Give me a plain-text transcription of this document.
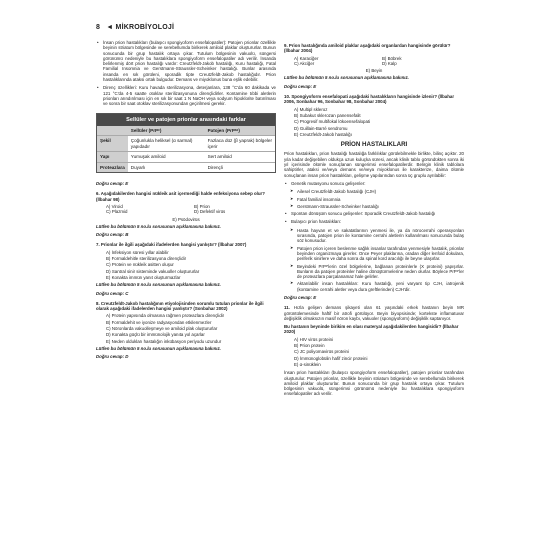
8 ◄ MİKROBİYOLOJİ
• İnsan prion hastalıkları (bulaşıcı spongiyoform ensefalopatiler): Patojen prionlar özellikle beyinin striatum bölgesinde ve serebellumda birikerek amiloid plaklar oluştururlar. Bunun sonucunda bir grup hastalık ortaya çıkar. Tutulum bölgesinin vakuolü, süngersi görünümü nedeniyle bu hastalıklara spongiyoform ensefalopatiler adı verilir. İnsanda belirlenmiş dört prion hastalığı vardır: Creutzfeldt-Jakob hastalığı, Kuru hastalığı, Fatal Familial Insomnia ve Gerstmann-Straussler-Scheinker hastalığı. Bunlar arasında insanda en sık görüleni, sporadik tipte Creutzfeldt-Jakob hastalığıdır. Prion hastalıklarında ataksi ortak bulgudur. Demans ve miyoklonus buna eşlik edebilir.
• Direnç özellikleri: Kuru havada sterilizasyona, deterjanlara, 138 °C'da 60 dakikada ve 121 °C'da 4-5 saatte otoklav sterilizasyonuna dirençlidirler. Kontamine tıbbi aletlerin prionları arındırılması için en sık bir saat 1 N NaOH veya sodyum hipoklorite batırılması ve sonra bir saat otoklav sterilizasyonundan geçirilmesi gerekir.
Sellüler ve patojen prionlar arasındaki farklar
	Sellüler (PrPᶜ)	Patojen (PrPˢᶜ)
Şekil	Çoğunlukla heliksel (α sarmal) yapıdadır	Fazlaca düz (β yaprak) bölgeler içerir
Yapı	Yumuşak amiloid	Sert amiloid
Proteazlara	Duyarlı	Dirençli
Doğru cevap: E
6. Aşağıdakilerden hangisi nükleik asit içermediği halde enfeksiyona sebep olur? (İlbahar 98)
A) Viroid	B) Prion
C) Plazmid	D) Defektif virüs
E) Psödovirüs
Lütfen bu bölümün 5 no.lu sorusunun açıklamasına bakınız.
Doğru cevap: B
7. Prionlar ile ilgili aşağıdaki ifadelerden hangisi yanlıştır? (İlbahar 2007)
A) İnfeksiyon süresi yıllar alabilir
B) Formaldehitle sterilizasyona dirençlidir
C) Protein ve nükleik asitten oluşur
D) Santral sinir sisteminde vakuoller oluştururlar
E) Konakta immün yanıt oluşturmazlar
Lütfen bu bölümün 5 no.lu sorusunun açıklamasına bakınız.
Doğru cevap: C
8. Creutzfeldt-Jakob hastalığının etiyolojisinden sorumlu tutulan prionlar ile ilgili olarak aşağıdaki ifadelerden hangisi yanlıştır? (Sonbahar 2002)
A) Protein yapısında olmasına rağmen proteazlara dirençlidir
B) Formaldehit ve iyonize radyasyondan etkilenmezler
C) Nöronlarda vakuolleşmeye ve amiloid plak oluştururlar
D) Konakta güçlü bir immünolojik yanıta yol açarlar
E) Neden oldukları hastalığın inkübasyon periyodu uzundur
Lütfen bu bölümün 5 no.lu sorusunun açıklamasına bakınız.
Doğru cevap: D
9. Prion hastalığında amiloid plaklar aşağıdaki organlardan hangisinde görülür? (İlbahar 2004)
A) Karaciğer	B) Böbrek
C) Akciğer	D) Kalp
E) Beyin
Lütfen bu bölümün 5 no.lu sorusunun açıklamasına bakınız.
Doğru cevap: E
10. Spongiyoform ensefalopati aşağıdaki hastalıkların hangisinde izlenir? (İlbahar 2006, Sonbahar 96, Sonbahar 98, Sonbahar 2004)
A) Multipl skleroz
B) Subakut sklerozan panensefalit
C) Progresif multifokal lökoensefalopati
D) Guillain-Barré sendromu
E) Creutzfeldt-Jakob hastalığı
PRİON HASTALIKLARI

Prion hastalıkları, prion hastalığı hastalığa farklılıklar görülebilmekle birlikte, bilinç açıktır. 20 yıla kadar değişebilen oldukça uzun kuluçka süresi, ancak klinik tablo göründükten sonra iki yıl içerisinde ölümle sonuçlanan süngerimsi ensefalopatilerdir. Belirgin klinik tablolara sahiptirler, ataksi ve/veya demans ve/veya miyoklonus ile karakterize, daima ölümle sonuçlanan insan prion hastalıkları, gelişme yapılarından sonra üç gruplu ayrılabilir:

• Genetik mutasyonu sonucu gelişenler:
➤ Ailesel Creutzfeldt-Jakob hastalığı (CJH)
➤ Fatal familial insomnia
➤ Gerstmann-Straussler-Scheinker hastalığı
• Spontan dönüşüm sonucu gelişenler: Sporadik Creutzfeldt-Jakob hastalığı
• Bulaşıcı prion hastalıkları:
➤ Hasta hayvan et ve sakatatlarının yenmesi ile, ya da nörocerrahi operasyonları sırasında, patojen prion ile kontamine cerrahi aletlerin kullanılması sonucunda bulaş söz konusudur.
➤ Patojen prion içeren beslenme sağlık insanlar tarafından yenmesiyle hastalık, prionlar beyinden organizmaya girerler. Once Peyer plaklarına, oradan diğer lenfoid dokulara, periferik sinirlere ve daha sonra da spinal kord aracılığı ile beyne ulaşırlar.
➤ Beyindeki PrPᶜ'lerin özel bölgelerine, bağlanan proteinlerle (X proteini) yapışırlar. Bunların da patojen proteinler haline dönüştürmelerine neden olurlar. Böylece PrPᶜ'ler de proteazlara parçalanamaz hale gelirler.
➤ Aktarılabilir insan hastalıkları: Kuru hastalığı, yeni varyant tip CJH, iatrojenik (kontamine cerrahi aletler veya dura greftlerinden) CJH'dir.
Doğru cevap: E

11. Hızla gelişen demans şikayeti olan 61 yaşındaki erkek hastanın beyin MR görüntülemesinde haftif bir atrofi görülüyor. Beyin biyopsisinde; kortekste inflamatuvar değişiklik olmaksızın masif nöron kaybı, vakuoler (spongiyoform) değişiklik saptanıyor.

Bu hastanın beyninde birikim en olası materyal aşağıdakilerden hangisidir? (İlbahar 2020)
A) HIV virüs proteini
B) Prion protein
C) JC poliyomavirüs proteini
D) İmmünoglobülin hafif zincir proteini
E) α-sinüklein

İnsan prion hastalıkları (bulaşıcı spongiyoform ensefalopatiler), patojen prionlar tarafından oluşturulur. Patojen prionlar, özellikle beyinin striatum bölgesinde ve serebellumda birikerek amiloid plaklar oluştururlar. Bunun sonucunda bir grup hastalık ortaya çıkar. Tutulum bölgesinin vakuolü, süngerimsi görünümü nedeniyle bu hastalıklara spongiyoform ensefalopatiler adı verilir.
